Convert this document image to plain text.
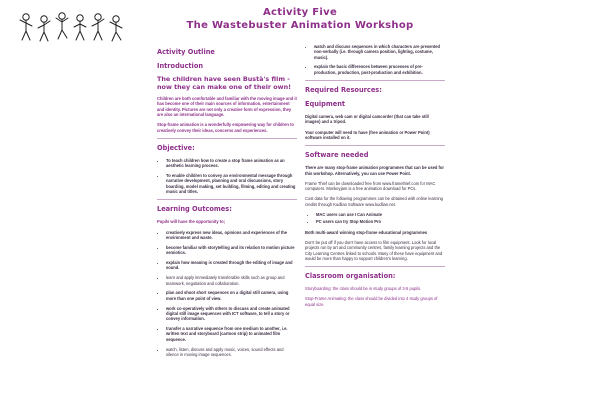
Activity Five
The Wastebuster Animation Workshop
Activity Outline
Introduction
The children have seen Bustà's film - now they can make one of their own!

Children are both comfortable and familiar with the moving image and it has become one of their main sources of information, entertainment and identity. Pictures are not only a creative form of expression, they are also an international language.

Stop-frame animation is a wonderfully empowering way for children to creatively convey their ideas, concerns and experiences.

Objective:
• To teach children how to create a stop frame animation as an aesthetic learning process.
• To enable children to convey an environmental message through narrative development, planning and oral discussions, story boarding, model making, set building, filming, editing and creating music and titles.
Learning Outcomes:

Pupils will have the opportunity to;

• creatively express new ideas, opinions and experiences of the environment and waste.
• become familiar with storytelling and its relation to motion picture semiotics.
• explain how meaning is created through the editing of image and sound.
• learn and apply immediately transferable skills such as group and teamwork, negotiation and collaboration.
• plan and shoot short sequences on a digital still camera, using more than one point of view.
• work co-operatively with others to discuss and create animated digital still image sequences with ICT software, to tell a story or convey information.
• transfer a narrative sequence from one medium to another, i.e. written text and storyboard (cartoon strip) to animated film sequence.
• watch, listen, discuss and apply music, voices, sound effects and silence in moving image sequences.
• watch and discuss sequences in which characters are presented non-verbally (i.e. through camera position, lighting, costume, music).
• explain the basic differences between processes of pre-production, production, post-production and exhibition.
Required Resources:
Equipment

Digital camera, web cam or digital camcorder (that can take still images) and a tripod.

Your computer will need to have (free animation or Power Point) software installed on it.

Software needed

There are many stop-frame animation programmes that can be used for this workshop. Alternatively, you can use Power Point.

Frame Thief can be downloaded free from www.framethief.com for MAC computers. Monkeyjam is a free animation download for PCs.

Cost data for the following programmes can be obtained with online learning credits through Kudlian Software www.kudlian.net.

• MAC users can use I Can Animate
• PC users can try Stop Motion Pro

Both multi-award winning stop-frame educational programmes

Don't be put off if you don't have access to film equipment. Look for local projects run by art and community centres, family learning projects and the City Learning Centres linked to schools. Many of these have equipment and would be more than happy to support children's learning.

Classroom organisation:

Storyboarding: the class should be in study groups of 3-5 pupils.

Stop-Frame Animating: the class should be divided into 4 study groups of equal size.
